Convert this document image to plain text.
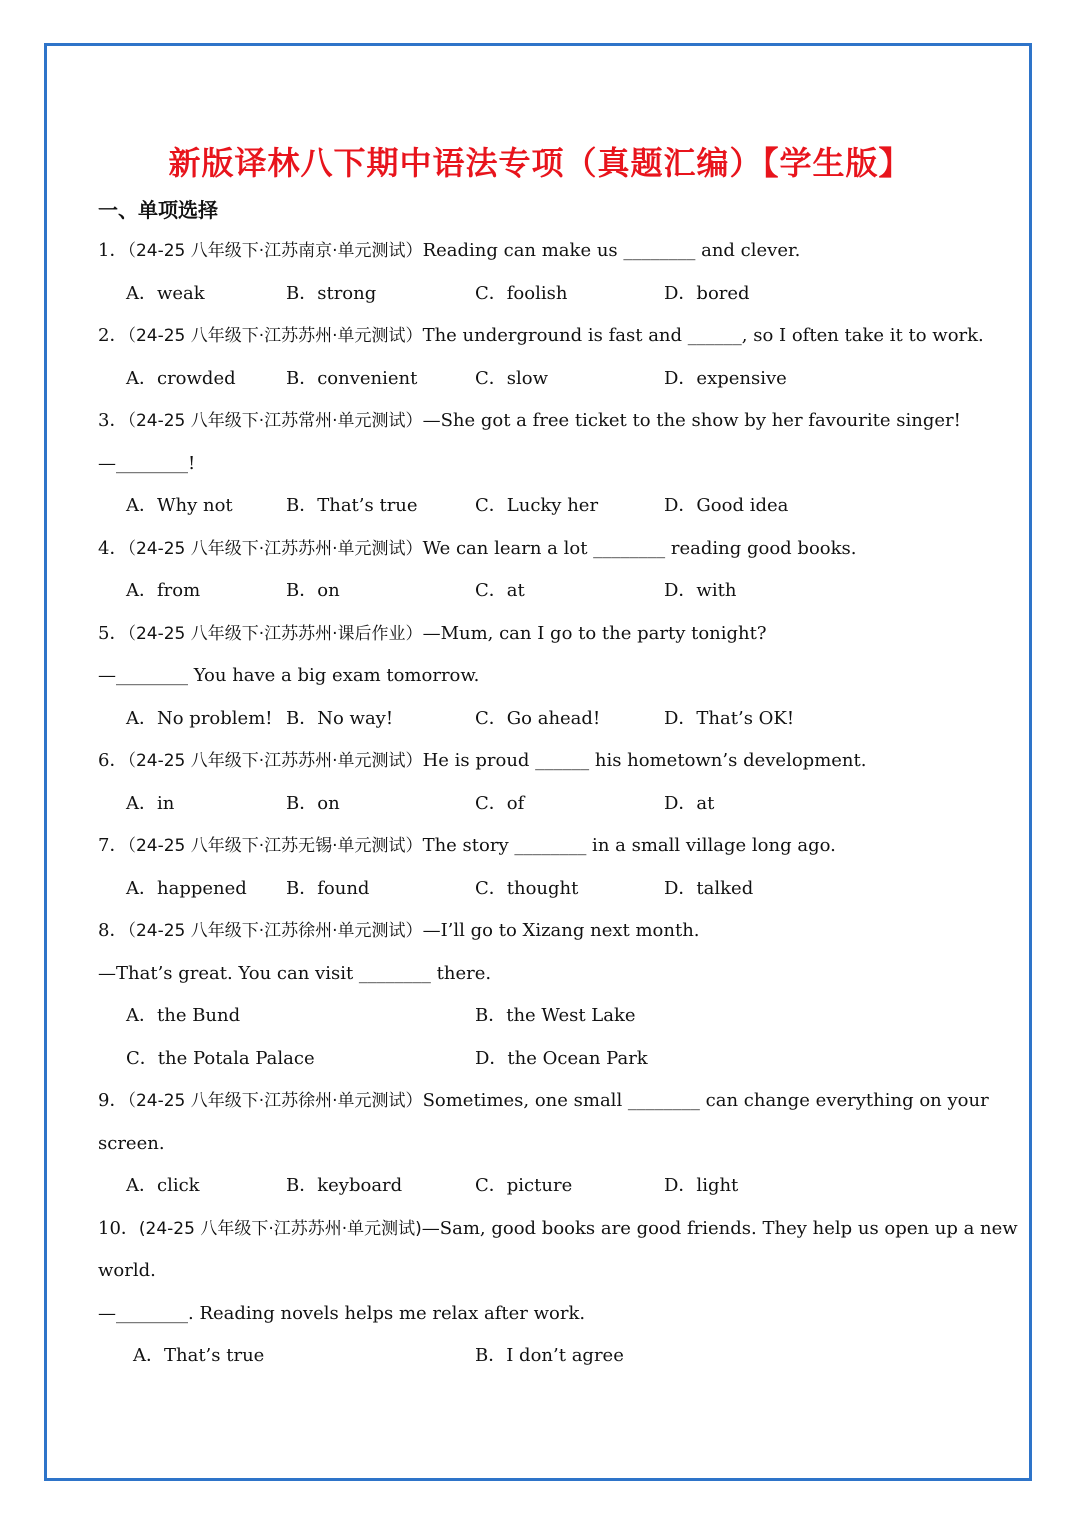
新版译林八下期中语法专项（真题汇编）【学生版】
一、单项选择
1．（24-25 八年级下·江苏南京·单元测试）Reading can make us ________ and clever.
A．weak	B．strong	C．foolish	D．bored
2．（24-25 八年级下·江苏苏州·单元测试）The underground is fast and ______, so I often take it to work.
A．crowded	B．convenient	C．slow	D．expensive
3．（24-25 八年级下·江苏常州·单元测试）—She got a free ticket to the show by her favourite singer!
—________!
A．Why not	B．That’s true	C．Lucky her	D．Good idea
4．（24-25 八年级下·江苏苏州·单元测试）We can learn a lot ________ reading good books.
A．from	B．on	C．at	D．with
5．（24-25 八年级下·江苏苏州·课后作业）—Mum, can I go to the party tonight?
—________ You have a big exam tomorrow.
A．No problem! B．No way!	C．Go ahead!	D．That’s OK!
6．（24-25 八年级下·江苏苏州·单元测试）He is proud ______ his hometown’s development.
A．in	B．on	C．of	D．at
7．（24-25 八年级下·江苏无锡·单元测试）The story ________ in a small village long ago.
A．happened B．found	C．thought	D．talked
8．（24-25 八年级下·江苏徐州·单元测试）—I’ll go to Xizang next month.
—That’s great. You can visit ________ there.
A．the Bund	B．the West Lake
C．the Potala Palace	D．the Ocean Park
9．（24-25 八年级下·江苏徐州·单元测试）Sometimes, one small ________ can change everything on your
screen.
A．click	B．keyboard	C．picture	D．light
10．(24-25 八年级下·江苏苏州·单元测试)—Sam, good books are good friends. They help us open up a new
world.
—________. Reading novels helps me relax after work.
A．That’s true	B．I don’t agree
